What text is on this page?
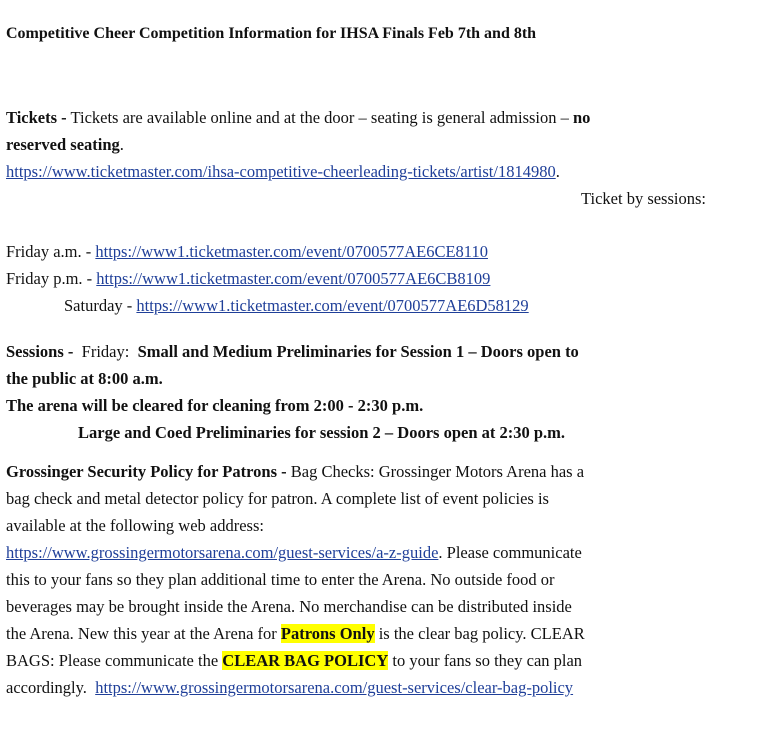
Competitive Cheer Competition Information for IHSA Finals Feb 7th and 8th
Tickets - Tickets are available online and at the door – seating is general admission – no
reserved seating.
https://www.ticketmaster.com/ihsa-competitive-cheerleading-tickets/artist/1814980.
Ticket by sessions:
Friday a.m. - https://www1.ticketmaster.com/event/0700577AE6CE8110
Friday p.m. - https://www1.ticketmaster.com/event/0700577AE6CB8109
Saturday - https://www1.ticketmaster.com/event/0700577AE6D58129
Sessions -  Friday:  Small and Medium Preliminaries for Session 1 – Doors open to
the public at 8:00 a.m.
The arena will be cleared for cleaning from 2:00 - 2:30 p.m.
Large and Coed Preliminaries for session 2 – Doors open at 2:30 p.m.
Grossinger Security Policy for Patrons - Bag Checks: Grossinger Motors Arena has a
bag check and metal detector policy for patron. A complete list of event policies is
available at the following web address:
https://www.grossingermotorsarena.com/guest-services/a-z-guide. Please communicate
this to your fans so they plan additional time to enter the Arena. No outside food or
beverages may be brought inside the Arena. No merchandise can be distributed inside
the Arena. New this year at the Arena for Patrons Only is the clear bag policy. CLEAR
BAGS: Please communicate the CLEAR BAG POLICY to your fans so they can plan
accordingly.  https://www.grossingermotorsarena.com/guest-services/clear-bag-policy
